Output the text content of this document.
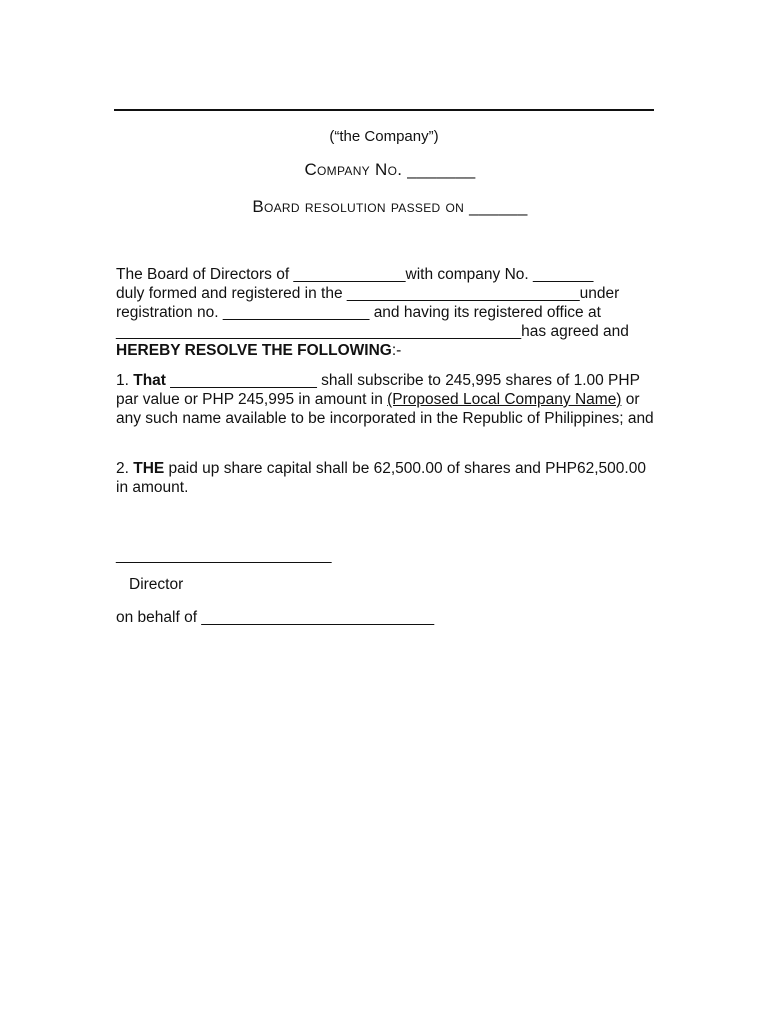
(“the Company”)
Company No. _______
Board resolution passed on ______
The Board of Directors of _____________with company No. _______
duly formed and registered in the ___________________________under
registration no. _________________ and having its registered office at
_______________________________________________has agreed and
HEREBY RESOLVE THE FOLLOWING:-
1. That _________________ shall subscribe to 245,995 shares of 1.00 PHP par value or PHP 245,995 in amount in (Proposed Local Company Name) or any such name available to be incorporated in the Republic of Philippines; and
2. THE paid up share capital shall be 62,500.00 of shares and PHP62,500.00 in amount.
_________________________
Director
on behalf of ___________________________
